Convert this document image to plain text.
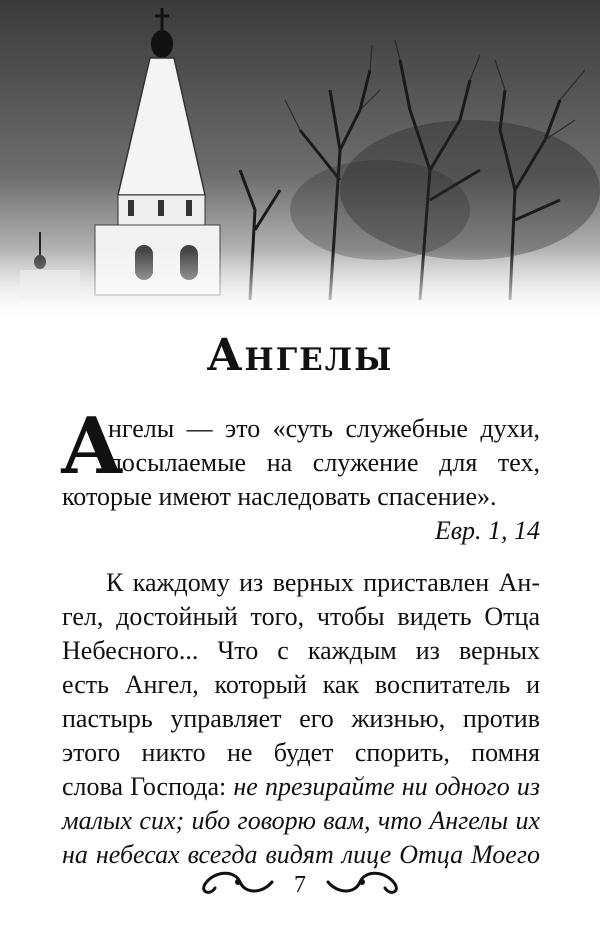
Ангелы
А
нгелы — это «суть служебные духи,
посылаемые на служение для тех,
которые имеют наследовать спасение».
Евр. 1, 14
К каждому из верных приставлен Ан-
гел, достойный того, чтобы видеть Отца
Небесного... Что с каждым из верных
есть Ангел, который как воспитатель и
пастырь управляет его жизнью, против
этого никто не будет спорить, помня
слова Господа: не презирайте ни одного из
малых сих; ибо говорю вам, что Ангелы их
на небесах всегда видят лице Отца Моего
7
